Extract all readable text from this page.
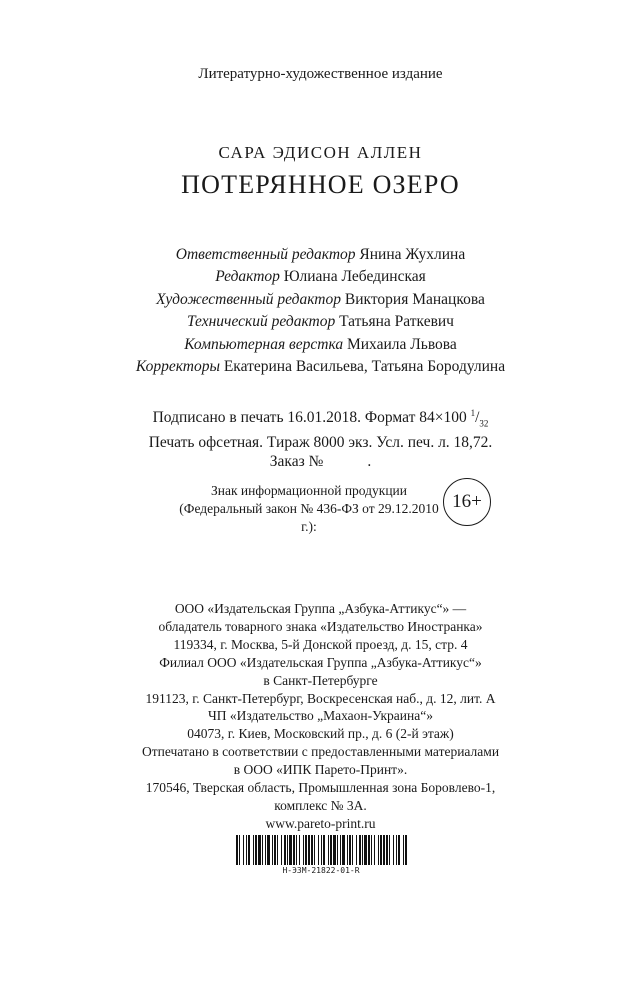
Литературно-художественное издание
САРА ЭДИСОН АЛЛЕН
ПОТЕРЯННОЕ ОЗЕРО
Ответственный редактор Янина Жухлина
Редактор Юлиана Лебединская
Художественный редактор Виктория Манацкова
Технический редактор Татьяна Раткевич
Компьютерная верстка Михаила Львова
Корректоры Екатерина Васильева, Татьяна Бородулина
Подписано в печать 16.01.2018. Формат 84×100 $^1/_{32}$
Печать офсетная. Тираж 8000 экз. Усл. печ. л. 18,72.
Заказ №	.
Знак информационной продукции
(Федеральный закон № 436-ФЗ от 29.12.2010 г.):
16+
ООО «Издательская Группа „Азбука-Аттикус“» —
обладатель товарного знака «Издательство Иностранка»
119334, г. Москва, 5-й Донской проезд, д. 15, стр. 4
Филиал ООО «Издательская Группа „Азбука-Аттикус“»
в Санкт-Петербурге
191123, г. Санкт-Петербург, Воскресенская наб., д. 12, лит. А
ЧП «Издательство „Махаон-Украина“»
04073, г. Киев, Московский пр., д. 6 (2-й этаж)
Отпечатано в соответствии с предоставленными материалами
в ООО «ИПК Парето-Принт».
170546, Тверская область, Промышленная зона Боровлево-1,
комплекс № 3А.
www.pareto-print.ru
Н-ЭЗМ-21822-01-R
